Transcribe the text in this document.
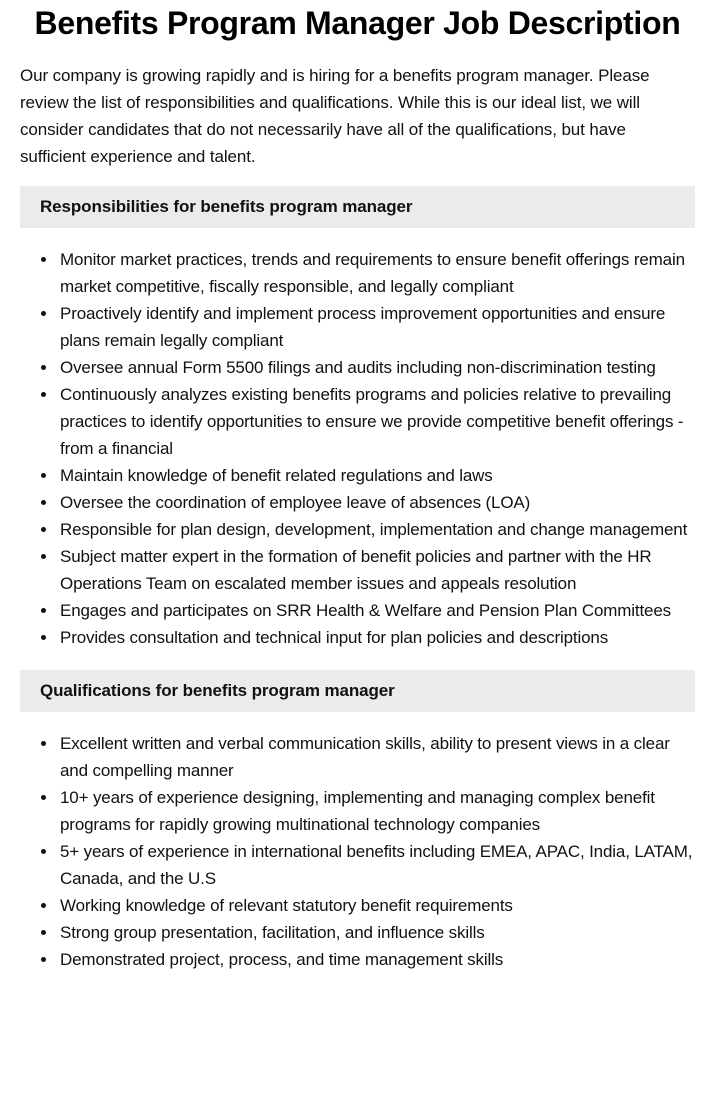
Benefits Program Manager Job Description

Our company is growing rapidly and is hiring for a benefits program manager. Please review the list of responsibilities and qualifications. While this is our ideal list, we will consider candidates that do not necessarily have all of the qualifications, but have sufficient experience and talent.

Responsibilities for benefits program manager
Monitor market practices, trends and requirements to ensure benefit offerings remain market competitive, fiscally responsible, and legally compliant
Proactively identify and implement process improvement opportunities and ensure plans remain legally compliant
Oversee annual Form 5500 filings and audits including non-discrimination testing
Continuously analyzes existing benefits programs and policies relative to prevailing practices to identify opportunities to ensure we provide competitive benefit offerings - from a financial
Maintain knowledge of benefit related regulations and laws
Oversee the coordination of employee leave of absences (LOA)
Responsible for plan design, development, implementation and change management
Subject matter expert in the formation of benefit policies and partner with the HR Operations Team on escalated member issues and appeals resolution
Engages and participates on SRR Health & Welfare and Pension Plan Committees
Provides consultation and technical input for plan policies and descriptions
Qualifications for benefits program manager
Excellent written and verbal communication skills, ability to present views in a clear and compelling manner
10+ years of experience designing, implementing and managing complex benefit programs for rapidly growing multinational technology companies
5+ years of experience in international benefits including EMEA, APAC, India, LATAM, Canada, and the U.S
Working knowledge of relevant statutory benefit requirements
Strong group presentation, facilitation, and influence skills
Demonstrated project, process, and time management skills
